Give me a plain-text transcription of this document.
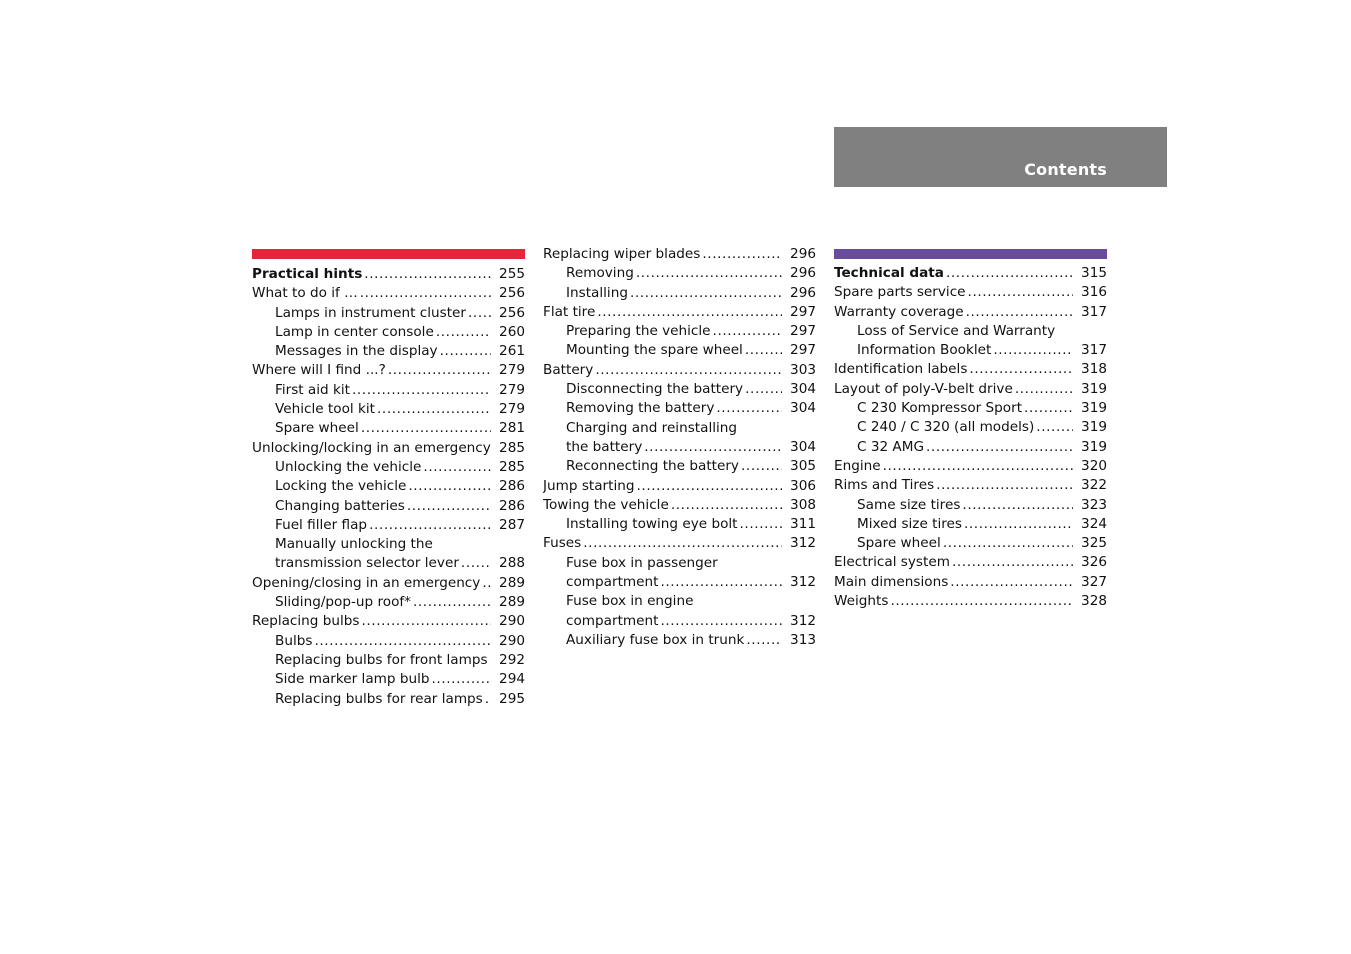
Contents
Practical hints .....	255
What to do if … .....	256
Lamps in instrument cluster .....	256
Lamp in center console .....	260
Messages in the display .....	261
Where will I find ...? .....	279
First aid kit .....	279
Vehicle tool kit .....	279
Spare wheel .....	281
Unlocking/locking in an emergency 285
Unlocking the vehicle .....	285
Locking the vehicle .....	286
Changing batteries .....	286
Fuel filler flap .....	287
Manually unlocking the
transmission selector lever .....	288
Opening/closing in an emergency .....	289
Sliding/pop-up roof* .....	289
Replacing bulbs .....	290
Bulbs .....	290
Replacing bulbs for front lamps ..... 292
Side marker lamp bulb .....	294
Replacing bulbs for rear lamps .....	295
Replacing wiper blades .....	296
Removing .....	296
Installing .....	296
Flat tire .....	297
Preparing the vehicle .....	297
Mounting the spare wheel .....	297
Battery .....	303
Disconnecting the battery .....	304
Removing the battery .....	304
Charging and reinstalling
the battery .....	304
Reconnecting the battery .....	305
Jump starting .....	306
Towing the vehicle .....	308
Installing towing eye bolt .....	311
Fuses .....	312
Fuse box in passenger
compartment .....	312
Fuse box in engine
compartment .....	312
Auxiliary fuse box in trunk .....	313
Technical data .....	315
Spare parts service .....	316
Warranty coverage .....	317
Loss of Service and Warranty
Information Booklet .....	317
Identification labels .....	318
Layout of poly-V-belt drive .....	319
C 230 Kompressor Sport .....	319
C 240 / C 320 (all models) .....	319
C 32 AMG .....	319
Engine .....	320
Rims and Tires .....	322
Same size tires .....	323
Mixed size tires .....	324
Spare wheel .....	325
Electrical system .....	326
Main dimensions .....	327
Weights .....	328
